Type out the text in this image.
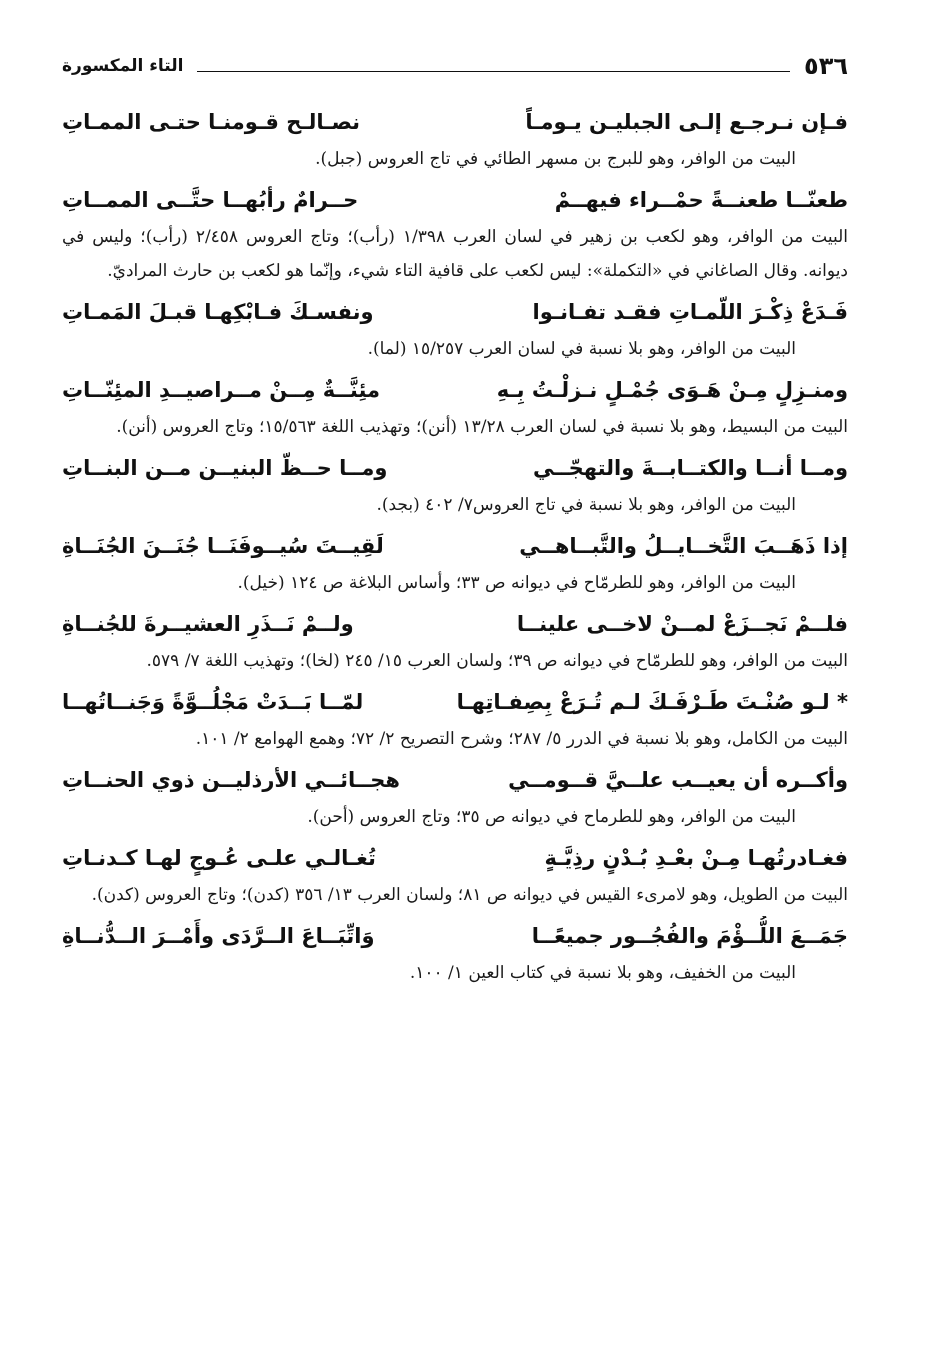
٥٣٦
التاء المكسورة
فـإن نـرجـع إلـى الجبليـن يـومـاً
نصـالـح قـومنـا حتـى الممـاتِ
البيت من الوافر، وهو للبرج بن مسهر الطائي في تاج العروس (جبل).
طعنّــا طعنــةً حمْــراء فيهــمْ
حــرامٌ رأبُهــا حتَّــى الممــاتِ
البيت من الوافر، وهو لكعب بن زهير في لسان العرب ١/٣٩٨ (رأب)؛ وتاج العروس ٢/٤٥٨ (رأب)؛ وليس في ديوانه. وقال الصاغاني في «التكملة»: ليس لكعب على قافية التاء شيء، وإنّما هو لكعب بن حارث المراديّ.
فَـدَعْ ذِكْـرَ اللّمـاتِ فقـد تفـانـوا
ونفسـكَ فـابْكِهـا قبـلَ المَمـاتِ
البيت من الوافر، وهو بلا نسبة في لسان العرب ١٥/٢٥٧ (لما).
ومنـزِلٍ مِـنْ هَـوَى جُمْـلٍ نـزلْـتُ بِـهِ
مئِنَّــةٌ مِــنْ مــراصيــدِ المئِنّــاتِ
البيت من البسيط، وهو بلا نسبة في لسان العرب ١٣/٢٨ (أنن)؛ وتهذيب اللغة ١٥/٥٦٣؛ وتاج العروس (أنن).
ومــا أنــا والكتــابــةَ والتهجّــي
ومــا حــظّ البنيــن مــن البنــاتِ
البيت من الوافر، وهو بلا نسبة في تاج العروس٧/ ٤٠٢ (بجد).
إذا ذَهَــبَ التَّخــايــلُ والتَّبــاهــي
لَقِيــتَ سُيــوفَنَــا جُنَــنَ الجُنَــاةِ
البيت من الوافر، وهو للطرمّاح في ديوانه ص ٣٣؛ وأساس البلاغة ص ١٢٤ (خيل).
فلــمْ نَجــزَعْ لمــنْ لاخــى علينــا
ولــمْ نَــذَرِ العشيــرةَ للجُنــاةِ
البيت من الوافر، وهو للطرمّاح في ديوانه ص ٣٩؛ ولسان العرب ١٥/ ٢٤٥ (لخا)؛ وتهذيب اللغة ٧/ ٥٧٩.
* لـو صُنْـتَ طَـرْفَـكَ لـم تُـرَعْ بِصِفـاتِهـا
لمّــا بَــدَتْ مَجْلُــوَّةً وَجَنــاتُهــا
البيت من الكامل، وهو بلا نسبة في الدرر ٥/ ٢٨٧؛ وشرح التصريح ٢/ ٧٢؛ وهمع الهوامع ٢/ ١٠١.
وأكــره أن يعيــب علــيَّ قــومــي
هجــائــي الأرذليــن ذوي الحنــاتِ
البيت من الوافر، وهو للطرماح في ديوانه ص ٣٥؛ وتاج العروس (أحن).
فغـادرتُهـا مِـنْ بعْـدِ بُـدْنٍ رذِيَّـةٍ
تُغـالـي علـى عُـوجٍ لهـا كـدنـاتِ
البيت من الطويل، وهو لامرىء القيس في ديوانه ص ٨١؛ ولسان العرب ١٣/ ٣٥٦ (كدن)؛ وتاج العروس (كدن).
جَمَــعَ اللُّــؤْمَ والفُجُــور جميعًــا
وَاتِّبَــاعَ الــرَّدَى وأَمْــرَ الــدُّنــاةِ
البيت من الخفيف، وهو بلا نسبة في كتاب العين ١/ ١٠٠.
